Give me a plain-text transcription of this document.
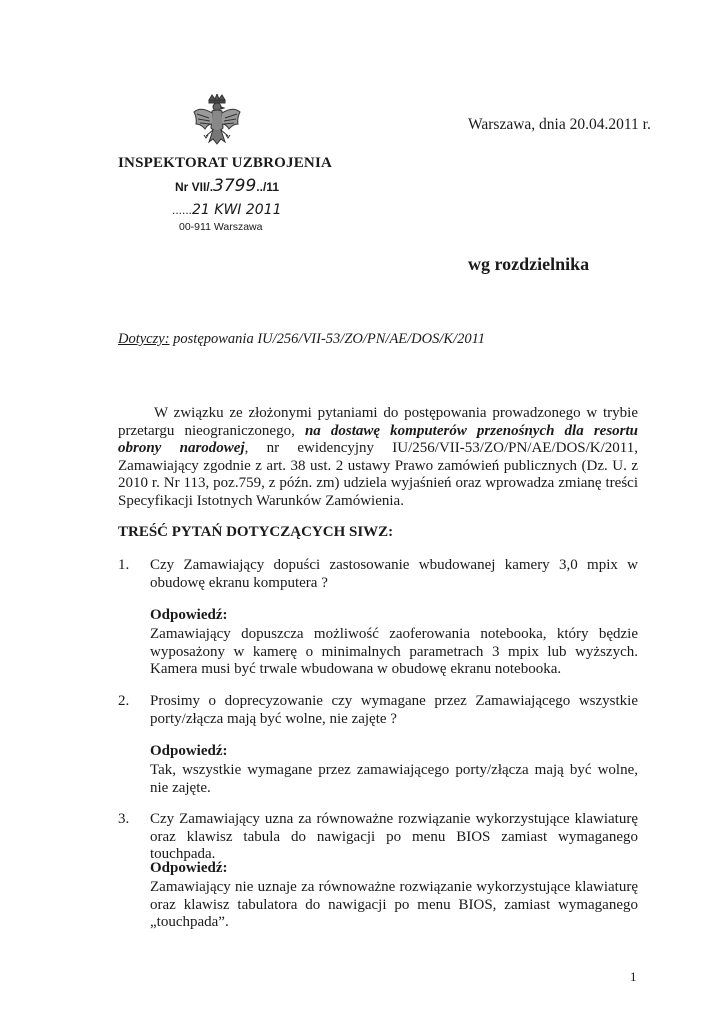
INSPEKTORAT UZBROJENIA
Nr VII/.3799../11
......21 KWI 2011
00-911 Warszawa
Warszawa, dnia 20.04.2011 r.
wg rozdzielnika
Dotyczy: postępowania IU/256/VII-53/ZO/PN/AE/DOS/K/2011
W związku ze złożonymi pytaniami do postępowania prowadzonego w trybie przetargu nieograniczonego, na dostawę komputerów przenośnych dla resortu obrony narodowej, nr ewidencyjny IU/256/VII-53/ZO/PN/AE/DOS/K/2011, Zamawiający zgodnie z art. 38 ust. 2 ustawy Prawo zamówień publicznych (Dz. U. z 2010 r. Nr 113, poz.759, z późn. zm) udziela wyjaśnień oraz wprowadza zmianę treści Specyfikacji Istotnych Warunków Zamówienia.
TREŚĆ PYTAŃ DOTYCZĄCYCH SIWZ:
1. Czy Zamawiający dopuści zastosowanie wbudowanej kamery 3,0 mpix w obudowę ekranu komputera ?
Odpowiedź:
Zamawiający dopuszcza możliwość zaoferowania notebooka, który będzie wyposażony w kamerę o minimalnych parametrach 3 mpix lub wyższych. Kamera musi być trwale wbudowana w obudowę ekranu notebooka.
2. Prosimy o doprecyzowanie czy wymagane przez Zamawiającego wszystkie porty/złącza mają być wolne, nie zajęte ?
Odpowiedź:
Tak, wszystkie wymagane przez zamawiającego porty/złącza mają być wolne, nie zajęte.
3. Czy Zamawiający uzna za równoważne rozwiązanie wykorzystujące klawiaturę oraz klawisz tabula do nawigacji po menu BIOS zamiast wymaganego touchpada.
Odpowiedź:
Zamawiający nie uznaje za równoważne rozwiązanie wykorzystujące klawiaturę oraz klawisz tabulatora do nawigacji po menu BIOS, zamiast wymaganego „touchpada”.
1
